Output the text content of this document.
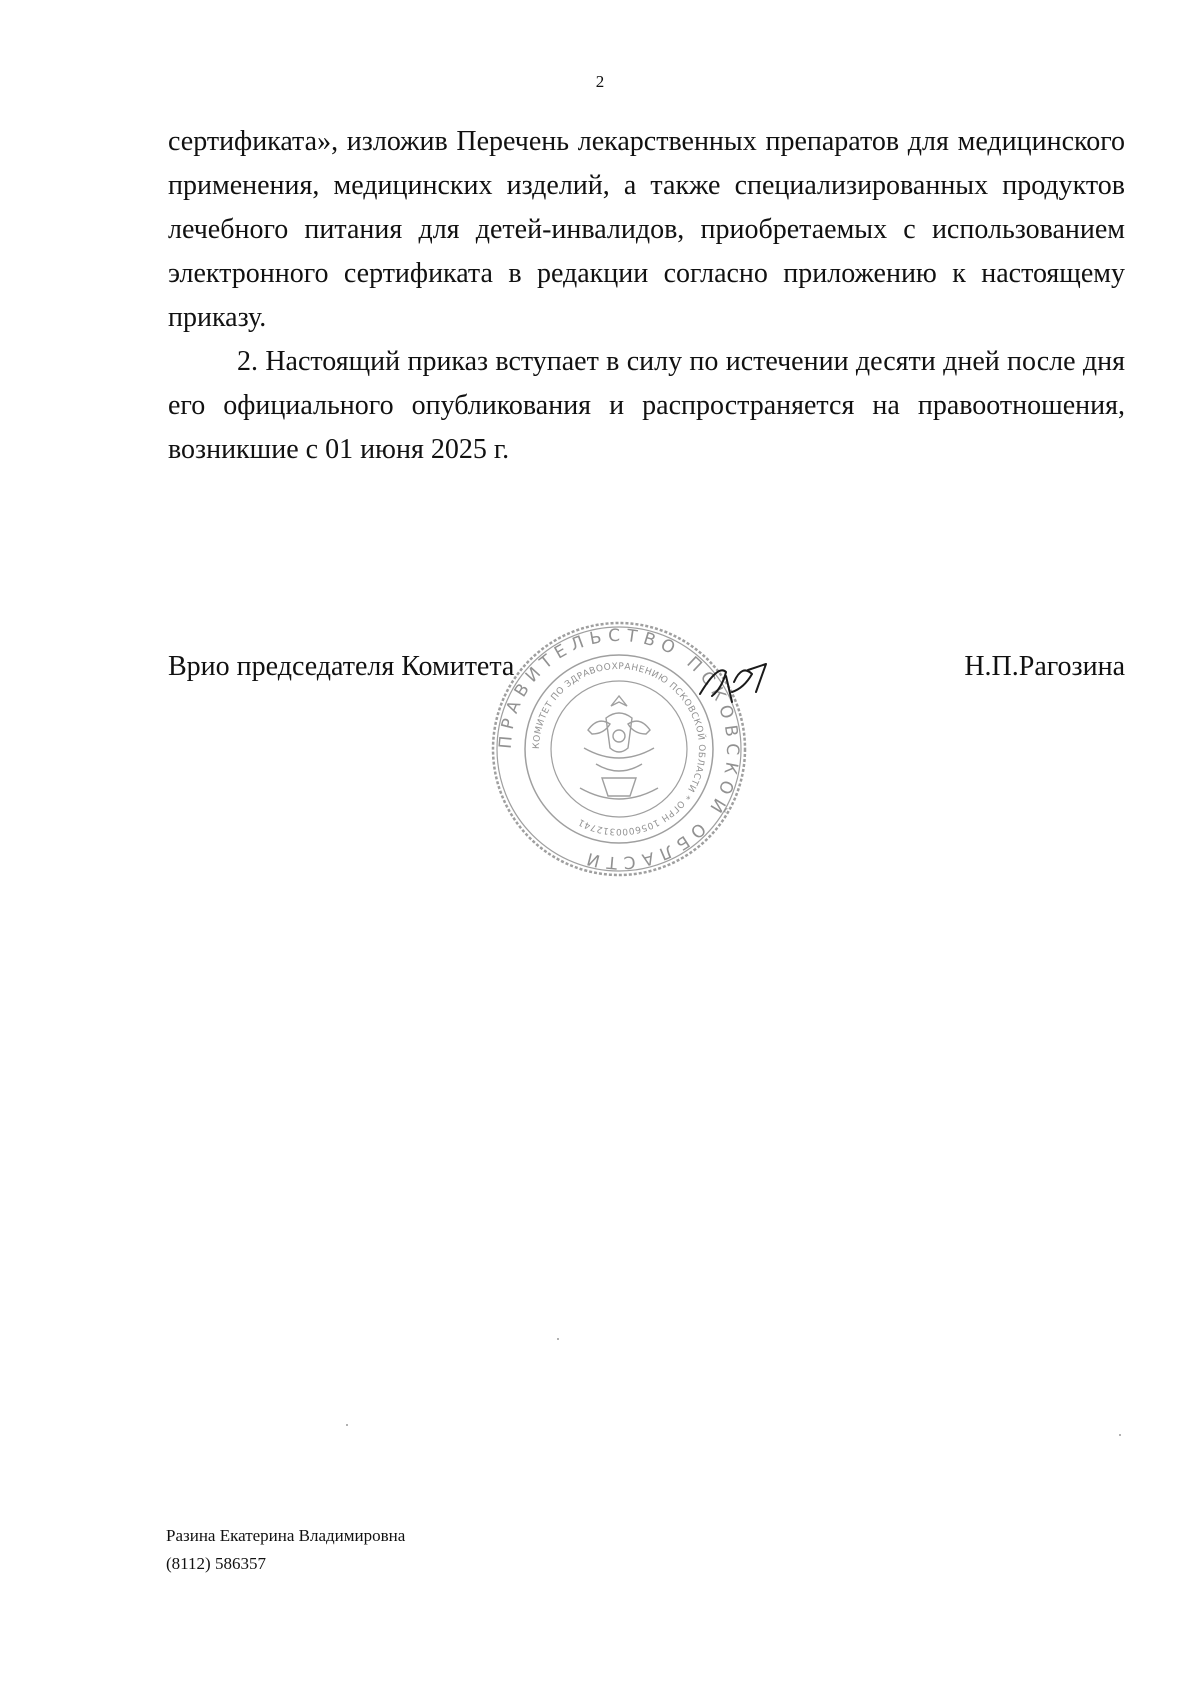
2

сертификата», изложив Перечень лекарственных препаратов для медицинского применения, медицинских изделий, а также специализированных продуктов лечебного питания для детей-инвалидов, приобретаемых с использованием электронного сертификата в редакции согласно приложению к настоящему приказу.

2. Настоящий приказ вступает в силу по истечении десяти дней после дня его официального опубликования и распространяется на правоотношения, возникшие с 01 июня 2025 г.

Врио председателя Комитета	Н.П.Рагозина
ПРАВИТЕЛЬСТВО ПСКОВСКОЙ ОБЛАСТИ
КОМИТЕТ ПО ЗДРАВООХРАНЕНИЮ ПСКОВСКОЙ ОБЛАСТИ * ОГРН 1056000312741
Разина Екатерина Владимировна
(8112) 586357
